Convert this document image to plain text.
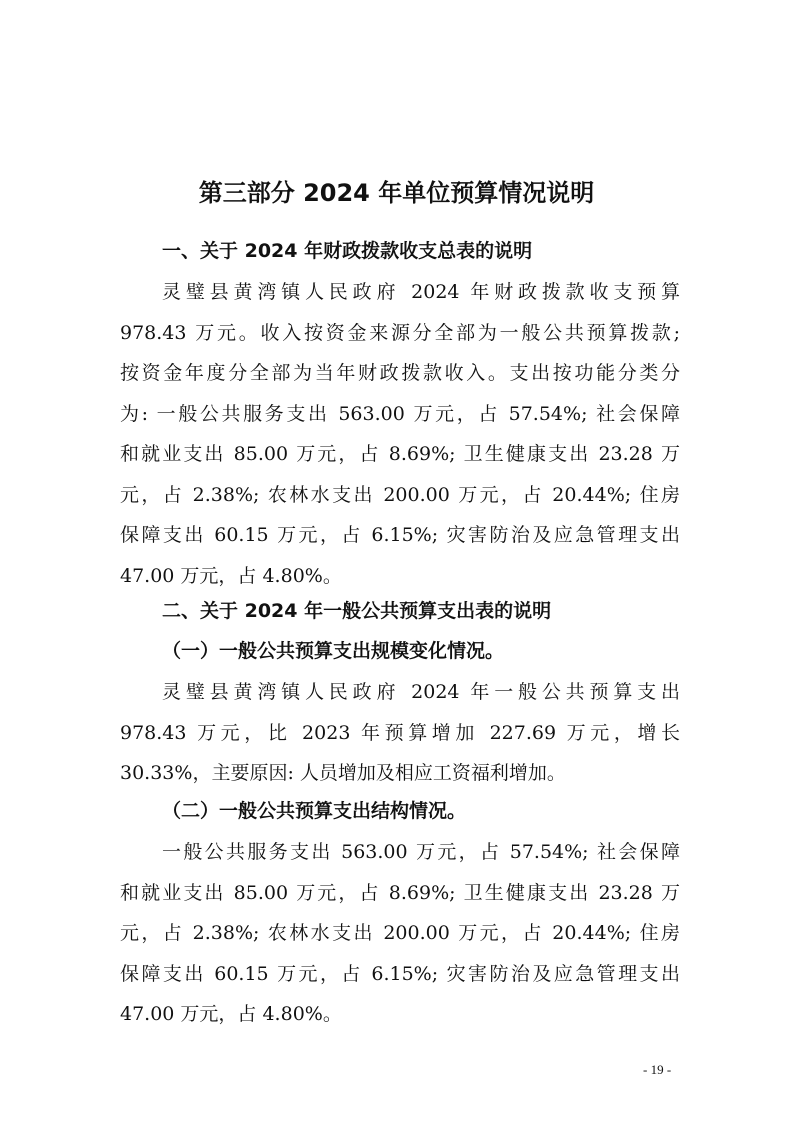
第三部分 2024 年单位预算情况说明
一、关于 2024 年财政拨款收支总表的说明
灵璧县黄湾镇人民政府 2024 年财政拨款收支预算
978.43 万元。收入按资金来源分全部为一般公共预算拨款;
按资金年度分全部为当年财政拨款收入。支出按功能分类分
为: 一般公共服务支出 563.00 万元，占 57.54%; 社会保障
和就业支出 85.00 万元，占 8.69%; 卫生健康支出 23.28 万
元，占 2.38%; 农林水支出 200.00 万元，占 20.44%; 住房
保障支出 60.15 万元，占 6.15%; 灾害防治及应急管理支出
47.00 万元，占 4.80%。
二、关于 2024 年一般公共预算支出表的说明
（一）一般公共预算支出规模变化情况。
灵璧县黄湾镇人民政府 2024 年一般公共预算支出
978.43 万元，比 2023 年预算增加 227.69 万元，增长
30.33%，主要原因: 人员增加及相应工资福利增加。
（二）一般公共预算支出结构情况。
一般公共服务支出 563.00 万元，占 57.54%; 社会保障
和就业支出 85.00 万元，占 8.69%; 卫生健康支出 23.28 万
元，占 2.38%; 农林水支出 200.00 万元，占 20.44%; 住房
保障支出 60.15 万元，占 6.15%; 灾害防治及应急管理支出
47.00 万元，占 4.80%。
- 19 -
